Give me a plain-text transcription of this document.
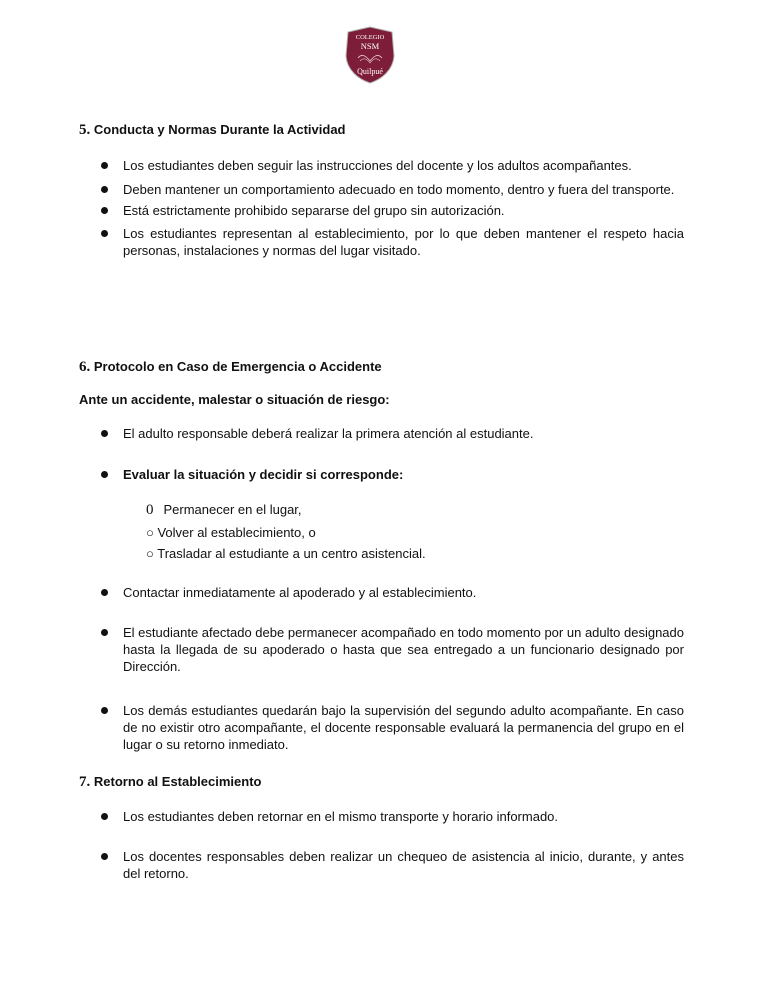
COLEGIO
NSM
Quilpué
5. Conducta y Normas Durante la Actividad
Los estudiantes deben seguir las instrucciones del docente y los adultos acompañantes.
Deben mantener un comportamiento adecuado en todo momento, dentro y fuera del transporte.
Está estrictamente prohibido separarse del grupo sin autorización.
Los estudiantes representan al establecimiento, por lo que deben mantener el respeto hacia personas, instalaciones y normas del lugar visitado.
6. Protocolo en Caso de Emergencia o Accidente
Ante un accidente, malestar o situación de riesgo:
El adulto responsable deberá realizar la primera atención al estudiante.
Evaluar la situación y decidir si corresponde:
0 Permanecer en el lugar,
○ Volver al establecimiento, o
○ Trasladar al estudiante a un centro asistencial.
Contactar inmediatamente al apoderado y al establecimiento.
El estudiante afectado debe permanecer acompañado en todo momento por un adulto designado hasta la llegada de su apoderado o hasta que sea entregado a un funcionario designado por Dirección.
Los demás estudiantes quedarán bajo la supervisión del segundo adulto acompañante. En caso de no existir otro acompañante, el docente responsable evaluará la permanencia del grupo en el lugar o su retorno inmediato.
7. Retorno al Establecimiento
Los estudiantes deben retornar en el mismo transporte y horario informado.
Los docentes responsables deben realizar un chequeo de asistencia al inicio, durante, y antes del retorno.
